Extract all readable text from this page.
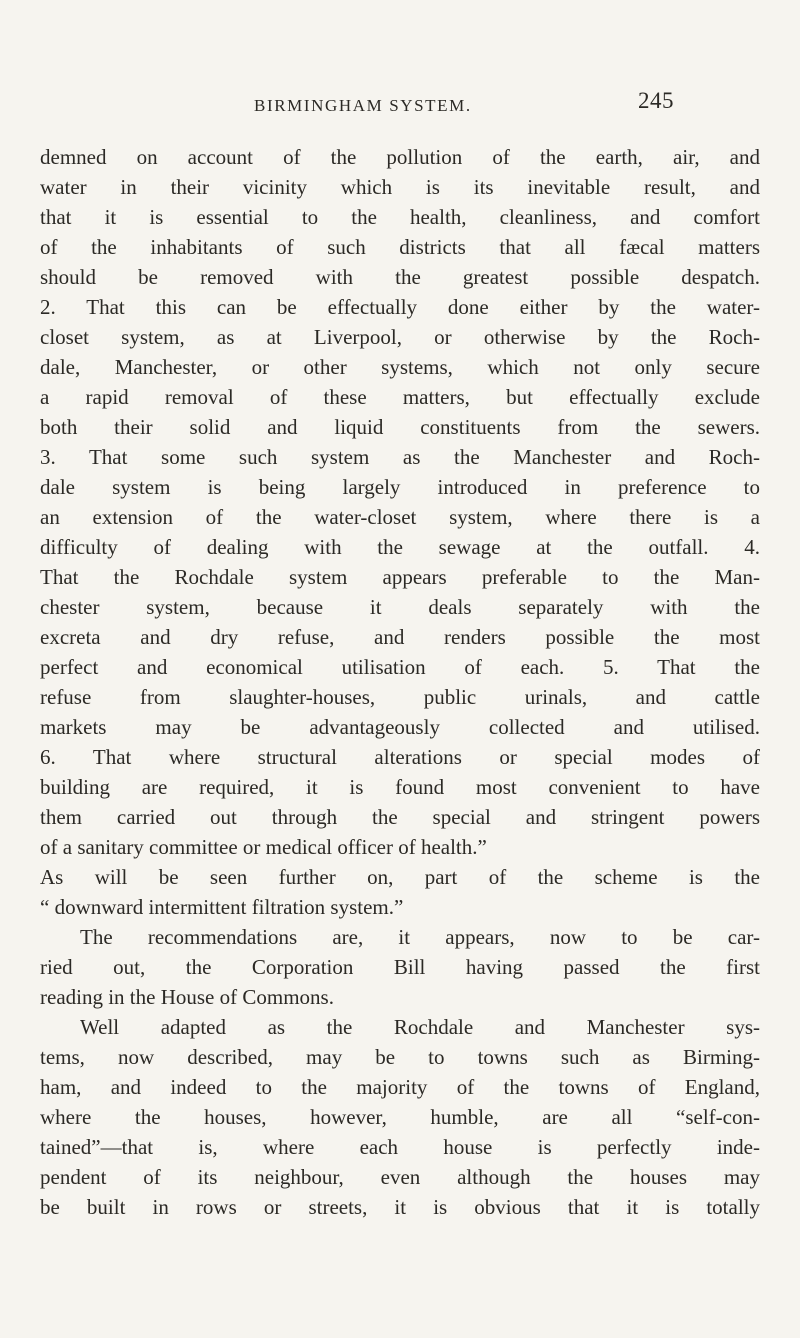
BIRMINGHAM SYSTEM.	245
demned on account of the pollution of the earth, air, and
water in their vicinity which is its inevitable result, and
that it is essential to the health, cleanliness, and comfort
of the inhabitants of such districts that all fæcal matters
should be removed with the greatest possible despatch.
2. That this can be effectually done either by the water-
closet system, as at Liverpool, or otherwise by the Roch-
dale, Manchester, or other systems, which not only secure
a rapid removal of these matters, but effectually exclude
both their solid and liquid constituents from the sewers.
3. That some such system as the Manchester and Roch-
dale system is being largely introduced in preference to
an extension of the water-closet system, where there is a
difficulty of dealing with the sewage at the outfall. 4.
That the Rochdale system appears preferable to the Man-
chester system, because it deals separately with the
excreta and dry refuse, and renders possible the most
perfect and economical utilisation of each. 5. That the
refuse from slaughter-houses, public urinals, and cattle
markets may be advantageously collected and utilised.
6. That where structural alterations or special modes of
building are required, it is found most convenient to have
them carried out through the special and stringent powers
of a sanitary committee or medical officer of health.”
As will be seen further on, part of the scheme is the
“ downward intermittent filtration system.”
The recommendations are, it appears, now to be car-
ried out, the Corporation Bill having passed the first
reading in the House of Commons.
Well adapted as the Rochdale and Manchester sys-
tems, now described, may be to towns such as Birming-
ham, and indeed to the majority of the towns of England,
where the houses, however, humble, are all “self-con-
tained”—that is, where each house is perfectly inde-
pendent of its neighbour, even although the houses may
be built in rows or streets, it is obvious that it is totally
